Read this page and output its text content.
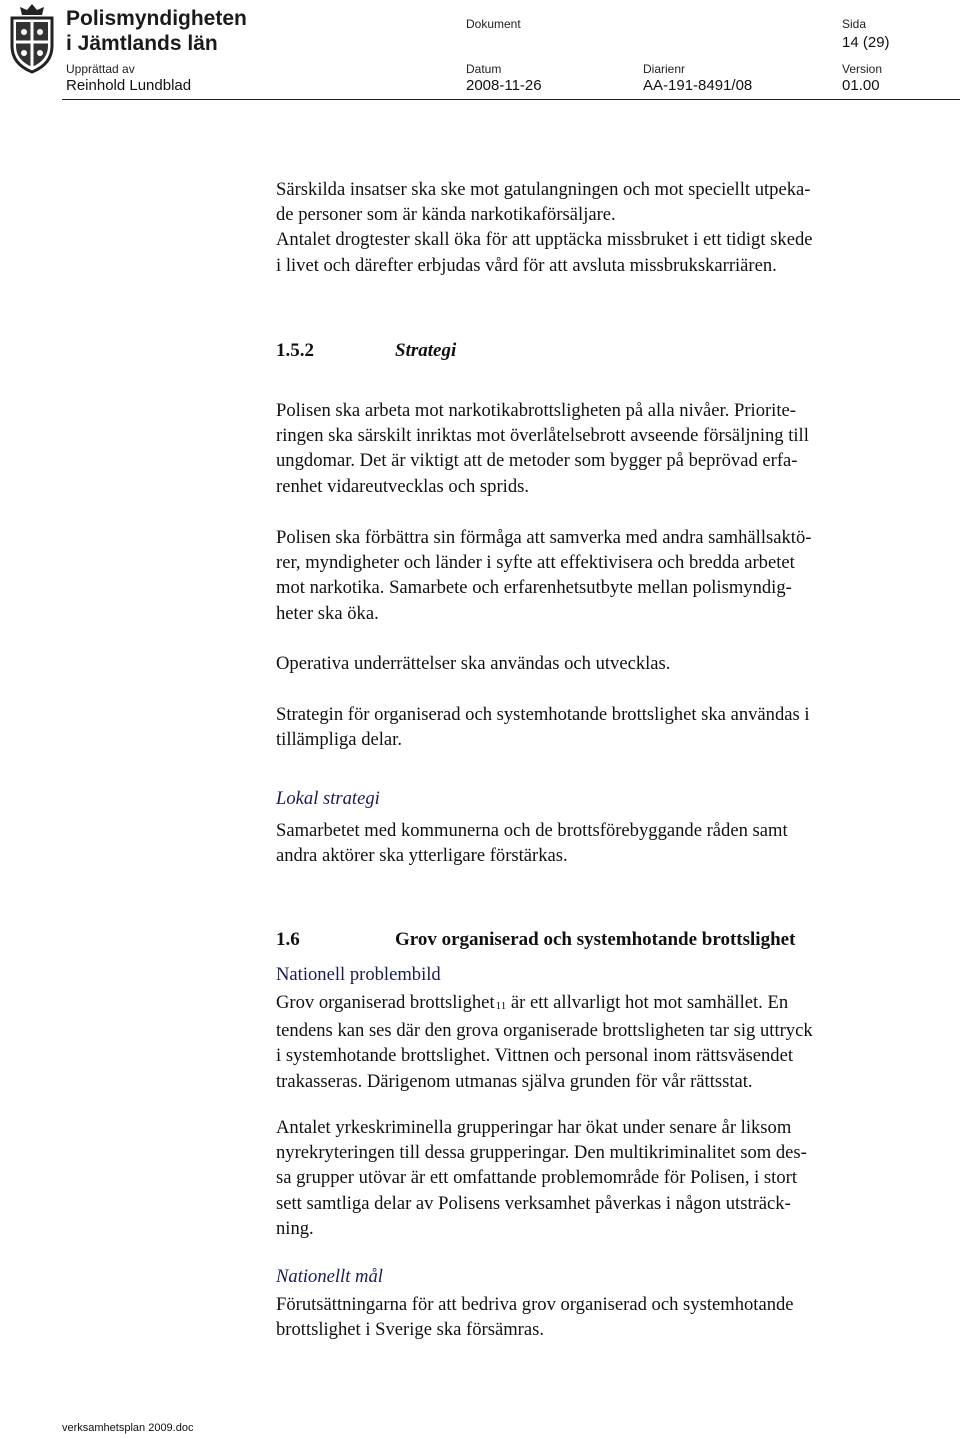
Polismyndigheten
i Jämtlands län
Dokument	Sida
14 (29)
Upprättad av	Datum	Diarienr	Version
Reinhold Lundblad	2008-11-26	AA-191-8491/08	01.00
Särskilda insatser ska ske mot gatulangningen och mot speciellt utpeka-
de personer som är kända narkotikaförsäljare.
Antalet drogtester skall öka för att upptäcka missbruket i ett tidigt skede
i livet och därefter erbjudas vård för att avsluta missbrukskarriären.
1.5.2	Strategi
Polisen ska arbeta mot narkotikabrottsligheten på alla nivåer. Priorite-
ringen ska särskilt inriktas mot överlåtelsebrott avseende försäljning till
ungdomar. Det är viktigt att de metoder som bygger på beprövad erfa-
renhet vidareutvecklas och sprids.
Polisen ska förbättra sin förmåga att samverka med andra samhällsaktö-
rer, myndigheter och länder i syfte att effektivisera och bredda arbetet
mot narkotika. Samarbete och erfarenhetsutbyte mellan polismyndig-
heter ska öka.
Operativa underrättelser ska användas och utvecklas.
Strategin för organiserad och systemhotande brottslighet ska användas i
tillämpliga delar.
Lokal strategi
Samarbetet med kommunerna och de brottsförebyggande råden samt
andra aktörer ska ytterligare förstärkas.
1.6	Grov organiserad och systemhotande brottslighet
Nationell problembild
Grov organiserad brottslighet11 är ett allvarligt hot mot samhället. En
tendens kan ses där den grova organiserade brottsligheten tar sig uttryck
i systemhotande brottslighet. Vittnen och personal inom rättsväsendet
trakasseras. Därigenom utmanas själva grunden för vår rättsstat.
Antalet yrkeskriminella grupperingar har ökat under senare år liksom
nyrekryteringen till dessa grupperingar. Den multikriminalitet som des-
sa grupper utövar är ett omfattande problemområde för Polisen, i stort
sett samtliga delar av Polisens verksamhet påverkas i någon utsträck-
ning.
Nationellt mål
Förutsättningarna för att bedriva grov organiserad och systemhotande
brottslighet i Sverige ska försämras.
verksamhetsplan 2009.doc
